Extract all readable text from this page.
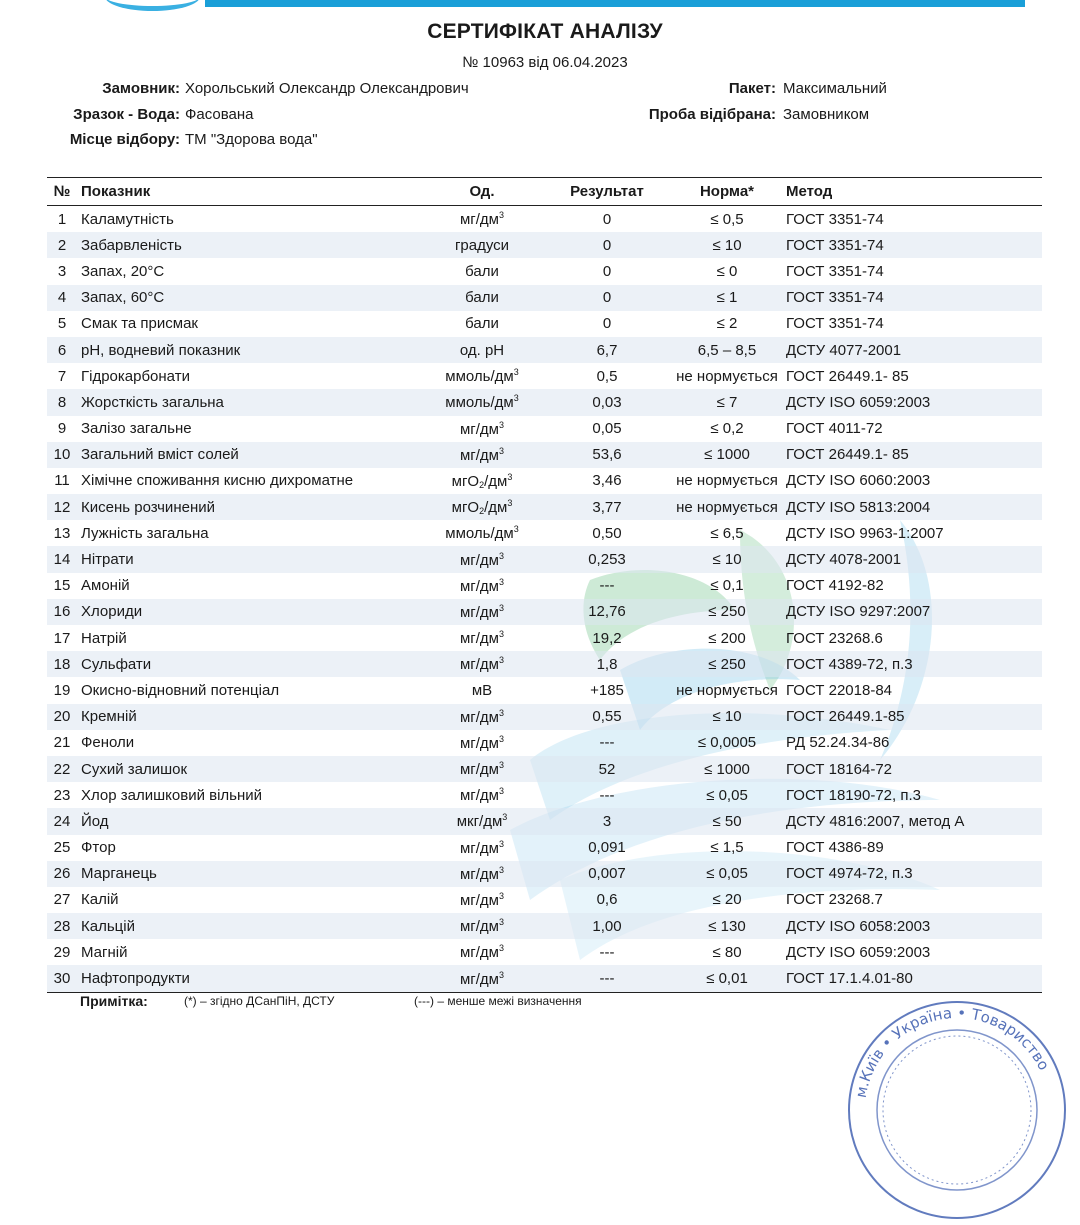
м.Київ • Україна • Товариство
СЕРТИФІКАТ АНАЛІЗУ
№ 10963 від 06.04.2023
Замовник: Хорольський Олександр Олександрович
Зразок - Вода: Фасована
Місце відбору: ТМ "Здорова вода"
Пакет: Максимальний
Проба відібрана: Замовником
№	Показник	Од.	Результат	Норма*	Метод
1	Каламутність	$мг/дм^3$	0	≤ 0,5	ГОСТ 3351-74
2	Забарвленість	градуси	0	≤ 10	ГОСТ 3351-74
3	Запах, 20°С	бали	0	≤ 0	ГОСТ 3351-74
4	Запах, 60°С	бали	0	≤ 1	ГОСТ 3351-74
5	Смак та присмак	бали	0	≤ 2	ГОСТ 3351-74
6	pH, водневий показник	од. pH	6,7	6,5 – 8,5	ДСТУ 4077-2001
7	Гідрокарбонати	ммоль/$дм^3$	0,5	не нормується	ГОСТ 26449.1- 85
8	Жорсткість загальна	ммоль/$дм^3$	0,03	≤ 7	ДСТУ ISO 6059:2003
9	Залізо загальне	$мг/дм^3$	0,05	≤ 0,2	ГОСТ 4011-72
10	Загальний вміст солей	$мг/дм^3$	53,6	≤ 1000	ГОСТ 26449.1- 85
11	Хімічне споживання кисню дихроматне	$мгО_2/дм^3$	3,46	не нормується	ДСТУ ISO 6060:2003
12	Кисень розчинений	$мгО_2/дм^3$	3,77	не нормується	ДСТУ ISO 5813:2004
13	Лужність загальна	ммоль/$дм^3$	0,50	≤ 6,5	ДСТУ ISO 9963-1:2007
14	Нітрати	$мг/дм^3$	0,253	≤ 10	ДСТУ 4078-2001
15	Амоній	$мг/дм^3$	---	≤ 0,1	ГОСТ 4192-82
16	Хлориди	$мг/дм^3$	12,76	≤ 250	ДСТУ ISO 9297:2007
17	Натрій	$мг/дм^3$	19,2	≤ 200	ГОСТ 23268.6
18	Сульфати	$мг/дм^3$	1,8	≤ 250	ГОСТ 4389-72, п.3
19	Окисно-відновний потенціал	мВ	+185	не нормується	ГОСТ 22018-84
20	Кремній	$мг/дм^3$	0,55	≤ 10	ГОСТ 26449.1-85
21	Феноли	$мг/дм^3$	---	≤ 0,0005	РД 52.24.34-86
22	Сухий залишок	$мг/дм^3$	52	≤ 1000	ГОСТ 18164-72
23	Хлор залишковий вільний	$мг/дм^3$	---	≤ 0,05	ГОСТ 18190-72, п.3
24	Йод	мкг/$дм^3$	3	≤ 50	ДСТУ 4816:2007, метод А
25	Фтор	$мг/дм^3$	0,091	≤ 1,5	ГОСТ 4386-89
26	Марганець	$мг/дм^3$	0,007	≤ 0,05	ГОСТ 4974-72, п.3
27	Калій	$мг/дм^3$	0,6	≤ 20	ГОСТ 23268.7
28	Кальцій	$мг/дм^3$	1,00	≤ 130	ДСТУ ISO 6058:2003
29	Магній	$мг/дм^3$	---	≤ 80	ДСТУ ISO 6059:2003
30	Нафтопродукти	$мг/дм^3$	---	≤ 0,01	ГОСТ 17.1.4.01-80
Примітка:	(*) – згідно ДСанПіН, ДСТУ	(---) – менше межі визначення
